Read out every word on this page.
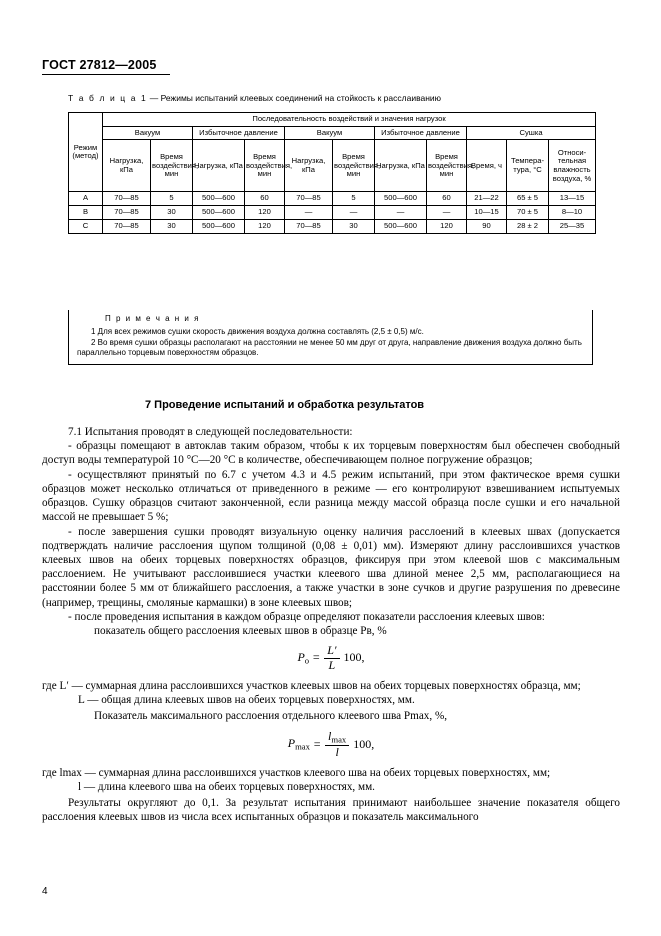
ГОСТ 27812—2005
Т а б л и ц а 1 — Режимы испытаний клеевых соединений на стойкость к расслаиванию
Режим (метод)	Последовательность воздействий и значения нагрузок										
	Вакуум		Избыточное давление		Вакуум		Избыточное давление		Сушка		
	Нагрузка, кПа	Время воздействия, мин	Нагрузка, кПа	Время воздействия, мин	Нагрузка, кПа	Время воздействия, мин	Нагрузка, кПа	Время воздействия, мин	Время, ч	Температура, °С	Относительная влажность воздуха, %
A	70—85	5	500—600	60	70—85	5	500—600	60	21—22	65 ± 5	13—15
B	70—85	30	500—600	120	—	—	—	—	10—15	70 ± 5	8—10
C	70—85	30	500—600	120	70—85	30	500—600	120	90	28 ± 2	25—35
П р и м е ч а н и я
1 Для всех режимов сушки скорость движения воздуха должна составлять (2,5 ± 0,5) м/с.
2 Во время сушки образцы располагают на расстоянии не менее 50 мм друг от друга, направление движения воздуха должно быть параллельно торцевым поверхностям образцов.
7 Проведение испытаний и обработка результатов

7.1 Испытания проводят в следующей последовательности:

- образцы помещают в автоклав таким образом, чтобы к их торцевым поверхностям был обеспечен свободный доступ воды температурой 10 °С—20 °С в количестве, обеспечивающем полное погружение образцов;

- осуществляют принятый по 6.7 с учетом 4.3 и 4.5 режим испытаний, при этом фактическое время сушки образцов может несколько отличаться от приведенного в режиме — его контролируют взвешиванием испытуемых образцов. Сушку образцов считают законченной, если разница между массой образца после сушки и его начальной массой не превышает 5 %;

- после завершения сушки проводят визуальную оценку наличия расслоений в клеевых швах (допускается подтверждать наличие расслоения щупом толщиной (0,08 ± 0,01) мм). Измеряют длину расслоившихся участков клеевых швов на обеих торцевых поверхностях образцов, фиксируя при этом клеевой шов с максимальным расслоением. Не учитывают расслоившиеся участки клеевого шва длиной менее 2,5 мм, располагающиеся на расстоянии более 5 мм от ближайшего расслоения, а также участки в зоне сучков и другие разрушения по древесине (например, трещины, смоляные кармашки) в зоне клеевых швов;

- после проведения испытания в каждом образце определяют показатели расслоения клеевых швов:

показатель общего расслоения клеевых швов в образце Pв, %

$P_о = \frac{L'}{L} 100$,

где L′ — суммарная длина расслоившихся участков клеевых швов на обеих торцевых поверхностях образца, мм;

L — общая длина клеевых швов на обеих торцевых поверхностях, мм.

Показатель максимального расслоения отдельного клеевого шва Pmax, %,

$P_{max} = \frac{l_{max}}{l} 100$,

где lmax — суммарная длина расслоившихся участков клеевого шва на обеих торцевых поверхностях, мм;

l — длина клеевого шва на обеих торцевых поверхностях, мм.

Результаты округляют до 0,1. За результат испытания принимают наибольшее значение показателя общего расслоения клеевых швов из числа всех испытанных образцов и показатель максимального

4
